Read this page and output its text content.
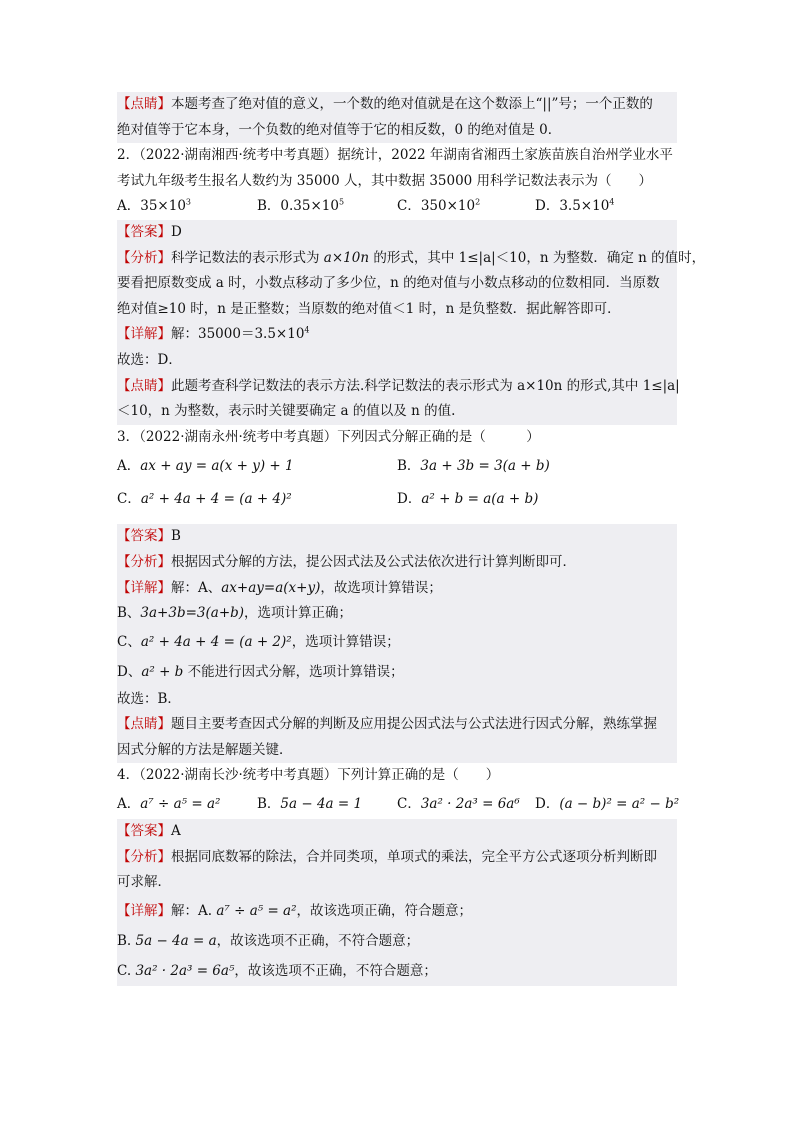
【点睛】本题考查了绝对值的意义，一个数的绝对值就是在这个数添上“||”号；一个正数的
绝对值等于它本身，一个负数的绝对值等于它的相反数，0 的绝对值是 0．
2．（2022·湖南湘西·统考中考真题）据统计，2022 年湖南省湘西土家族苗族自治州学业水平
考试九年级考生报名人数约为 35000 人，其中数据 35000 用科学记数法表示为（　　）
A．$35\times 10^3$	B．$0.35\times 10^5$	C．$350\times 10^2$	D．$3.5\times 10^4$
【答案】D
【分析】科学记数法的表示形式为 a×10n 的形式，其中 1≤|a|＜10，n 为整数．确定 n 的值时，
要看把原数变成 a 时，小数点移动了多少位，n 的绝对值与小数点移动的位数相同．当原数
绝对值≥10 时，n 是正整数；当原数的绝对值＜1 时，n 是负整数．据此解答即可．
【详解】解：$35000=3.5\times 10^4$
故选：D．
【点睛】此题考查科学记数法的表示方法.科学记数法的表示形式为 a×10n 的形式,其中 1≤|a|
＜10，n 为整数，表示时关键要确定 a 的值以及 n 的值.
3．（2022·湖南永州·统考中考真题）下列因式分解正确的是（　　　）
A．ax + ay = a(x + y) + 1	B．3a + 3b = 3(a + b)
C．a² + 4a + 4 = (a + 4)²	D．a² + b = a(a + b)
【答案】B
【分析】根据因式分解的方法，提公因式法及公式法依次进行计算判断即可．
【详解】解：A、ax+ay=a(x+y)，故选项计算错误；
B、3a+3b=3(a+b)，选项计算正确；
C、a² + 4a + 4 = (a + 2)²，选项计算错误；
D、a² + b 不能进行因式分解，选项计算错误；
故选：B．
【点睛】题目主要考查因式分解的判断及应用提公因式法与公式法进行因式分解，熟练掌握
因式分解的方法是解题关键．
4．（2022·湖南长沙·统考中考真题）下列计算正确的是（　　）
A．a⁷ ÷ a⁵ = a²	B．5a − 4a = 1	C．3a² · 2a³ = 6a⁶ D．(a − b)² = a² − b²
【答案】A
【分析】根据同底数幂的除法，合并同类项，单项式的乘法，完全平方公式逐项分析判断即
可求解．
【详解】解：A. a⁷ ÷ a⁵ = a²，故该选项正确，符合题意；
B. 5a − 4a = a，故该选项不正确，不符合题意；
C. 3a² · 2a³ = 6a⁵，故该选项不正确，不符合题意；
